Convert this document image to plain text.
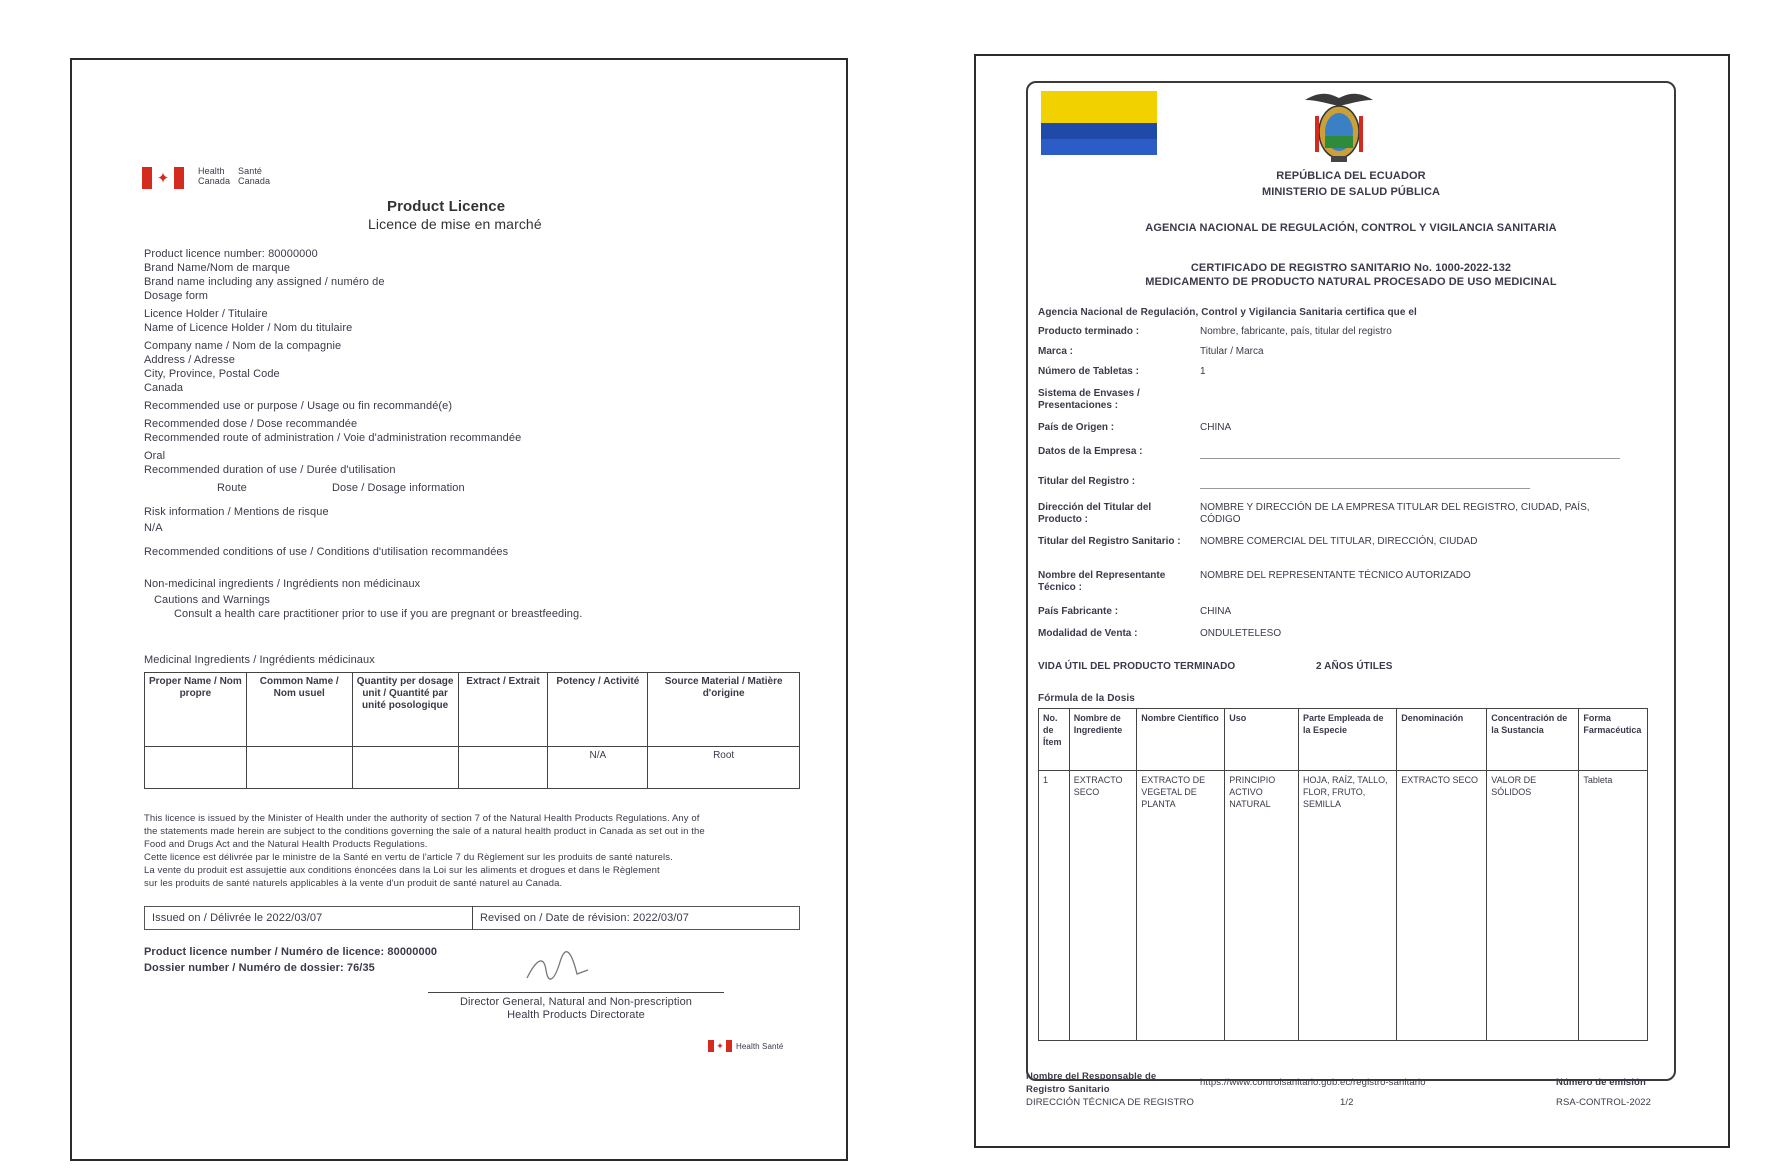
✦	Health
Canada
Santé
Canada
Product Licence
Licence de mise en marché
Product licence number: 80000000
Brand Name/Nom de marque
Brand name including any assigned / numéro de
Dosage form
Licence Holder / Titulaire
Name of Licence Holder / Nom du titulaire
Company name / Nom de la compagnie
Address / Adresse
City, Province, Postal Code
Canada
Recommended use or purpose / Usage ou fin recommandé(e)
Recommended dose / Dose recommandée
Recommended route of administration / Voie d'administration recommandée
Oral
Recommended duration of use / Durée d'utilisation
Route	Dose / Dosage information
Risk information / Mentions de risque
N/A
Recommended conditions of use / Conditions d'utilisation recommandées
Non-medicinal ingredients / Ingrédients non médicinaux
Cautions and Warnings
Consult a health care practitioner prior to use if you are pregnant or breastfeeding.
Medicinal Ingredients / Ingrédients médicinaux
Proper Name / Nom propre	Common Name / Nom usuel	Quantity per dosage unit / Quantité par unité posologique	Extract / Extrait	Potency / Activité	Source Material / Matière d'origine
				N/A	Root
This licence is issued by the Minister of Health under the authority of section 7 of the Natural Health Products Regulations. Any of
the statements made herein are subject to the conditions governing the sale of a natural health product in Canada as set out in the
Food and Drugs Act and the Natural Health Products Regulations.
Cette licence est délivrée par le ministre de la Santé en vertu de l'article 7 du Règlement sur les produits de santé naturels.
La vente du produit est assujettie aux conditions énoncées dans la Loi sur les aliments et drogues et dans le Règlement
sur les produits de santé naturels applicables à la vente d'un produit de santé naturel au Canada.
Issued on / Délivrée le 2022/03/07	Revised on / Date de révision: 2022/03/07
Product licence number / Numéro de licence: 80000000
Dossier number / Numéro de dossier: 76/35
Director General, Natural and Non-prescription
Health Products Directorate
✦ Health Santé
REPÚBLICA DEL ECUADOR
MINISTERIO DE SALUD PÚBLICA
AGENCIA NACIONAL DE REGULACIÓN, CONTROL Y VIGILANCIA SANITARIA
CERTIFICADO DE REGISTRO SANITARIO No. 1000-2022-132
MEDICAMENTO DE PRODUCTO NATURAL PROCESADO DE USO MEDICINAL
Agencia Nacional de Regulación, Control y Vigilancia Sanitaria certifica que el
Producto terminado :	Nombre, fabricante, país, titular del registro
Marca :	Titular / Marca
Número de Tabletas :	1
Sistema de Envases / Presentaciones :
País de Origen :	CHINA
Datos de la Empresa :
Titular del Registro :
Dirección del Titular del Producto :
NOMBRE Y DIRECCIÓN DE LA EMPRESA TITULAR DEL REGISTRO, CIUDAD, PAÍS, CÓDIGO
Titular del Registro Sanitario :	NOMBRE COMERCIAL DEL TITULAR, DIRECCIÓN, CIUDAD
Nombre del Representante Técnico :
NOMBRE DEL REPRESENTANTE TÉCNICO AUTORIZADO
País Fabricante :	CHINA
Modalidad de Venta :	ONDULETELESO
VIDA ÚTIL DEL PRODUCTO TERMINADO	2 AÑOS ÚTILES
Fórmula de la Dosis
No. de Ítem	Nombre de Ingrediente	Nombre Científico	Uso	Parte Empleada de la Especie	Denominación	Concentración de la Sustancia	Forma Farmacéutica
1	EXTRACTO SECO	EXTRACTO DE VEGETAL DE PLANTA	PRINCIPIO ACTIVO NATURAL	HOJA, RAÍZ, TALLO, FLOR, FRUTO, SEMILLA	EXTRACTO SECO	VALOR DE SÓLIDOS	Tableta
Nombre del Responsable de
Registro Sanitario
DIRECCIÓN TÉCNICA DE REGISTRO
https://www.controlsanitario.gob.ec/registro-sanitario
1/2
Número de emisión
RSA-CONTROL-2022
